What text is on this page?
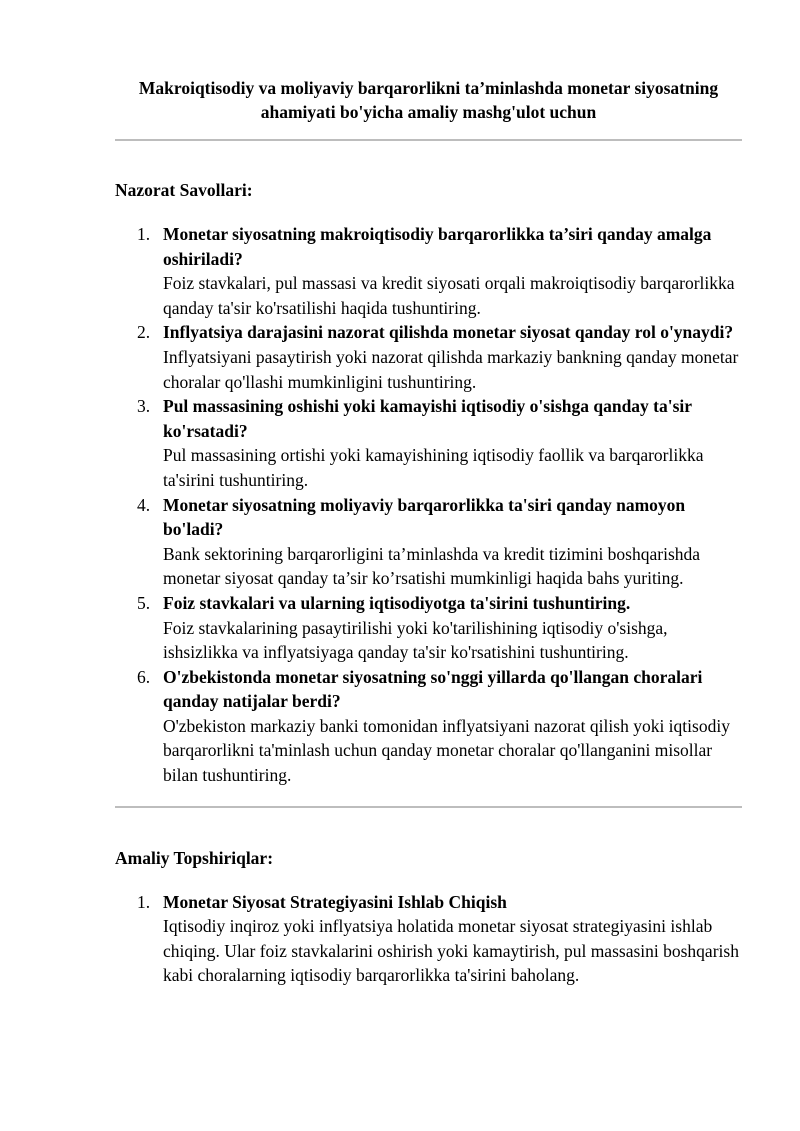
Makroiqtisodiy va moliyaviy barqarorlikni ta’minlashda monetar siyosatning ahamiyati bo'yicha amaliy mashg'ulot uchun
Nazorat Savollari:
1. Monetar siyosatning makroiqtisodiy barqarorlikka ta’siri qanday amalga oshiriladi?
Foiz stavkalari, pul massasi va kredit siyosati orqali makroiqtisodiy barqarorlikka qanday ta'sir ko'rsatilishi haqida tushuntiring.
2. Inflyatsiya darajasini nazorat qilishda monetar siyosat qanday rol o'ynaydi?
Inflyatsiyani pasaytirish yoki nazorat qilishda markaziy bankning qanday monetar choralar qo'llashi mumkinligini tushuntiring.
3. Pul massasining oshishi yoki kamayishi iqtisodiy o'sishga qanday ta'sir ko'rsatadi?
Pul massasining ortishi yoki kamayishining iqtisodiy faollik va barqarorlikka ta'sirini tushuntiring.
4. Monetar siyosatning moliyaviy barqarorlikka ta'siri qanday namoyon bo'ladi?
Bank sektorining barqarorligini ta’minlashda va kredit tizimini boshqarishda monetar siyosat qanday ta’sir ko’rsatishi mumkinligi haqida bahs yuriting.
5. Foiz stavkalari va ularning iqtisodiyotga ta'sirini tushuntiring.
Foiz stavkalarining pasaytirilishi yoki ko'tarilishining iqtisodiy o'sishga, ishsizlikka va inflyatsiyaga qanday ta'sir ko'rsatishini tushuntiring.
6. O'zbekistonda monetar siyosatning so'nggi yillarda qo'llangan choralari qanday natijalar berdi?
O'zbekiston markaziy banki tomonidan inflyatsiyani nazorat qilish yoki iqtisodiy barqarorlikni ta'minlash uchun qanday monetar choralar qo'llanganini misollar bilan tushuntiring.
Amaliy Topshiriqlar:
1. Monetar Siyosat Strategiyasini Ishlab Chiqish
Iqtisodiy inqiroz yoki inflyatsiya holatida monetar siyosat strategiyasini ishlab chiqing. Ular foiz stavkalarini oshirish yoki kamaytirish, pul massasini boshqarish kabi choralarning iqtisodiy barqarorlikka ta'sirini baholang.
